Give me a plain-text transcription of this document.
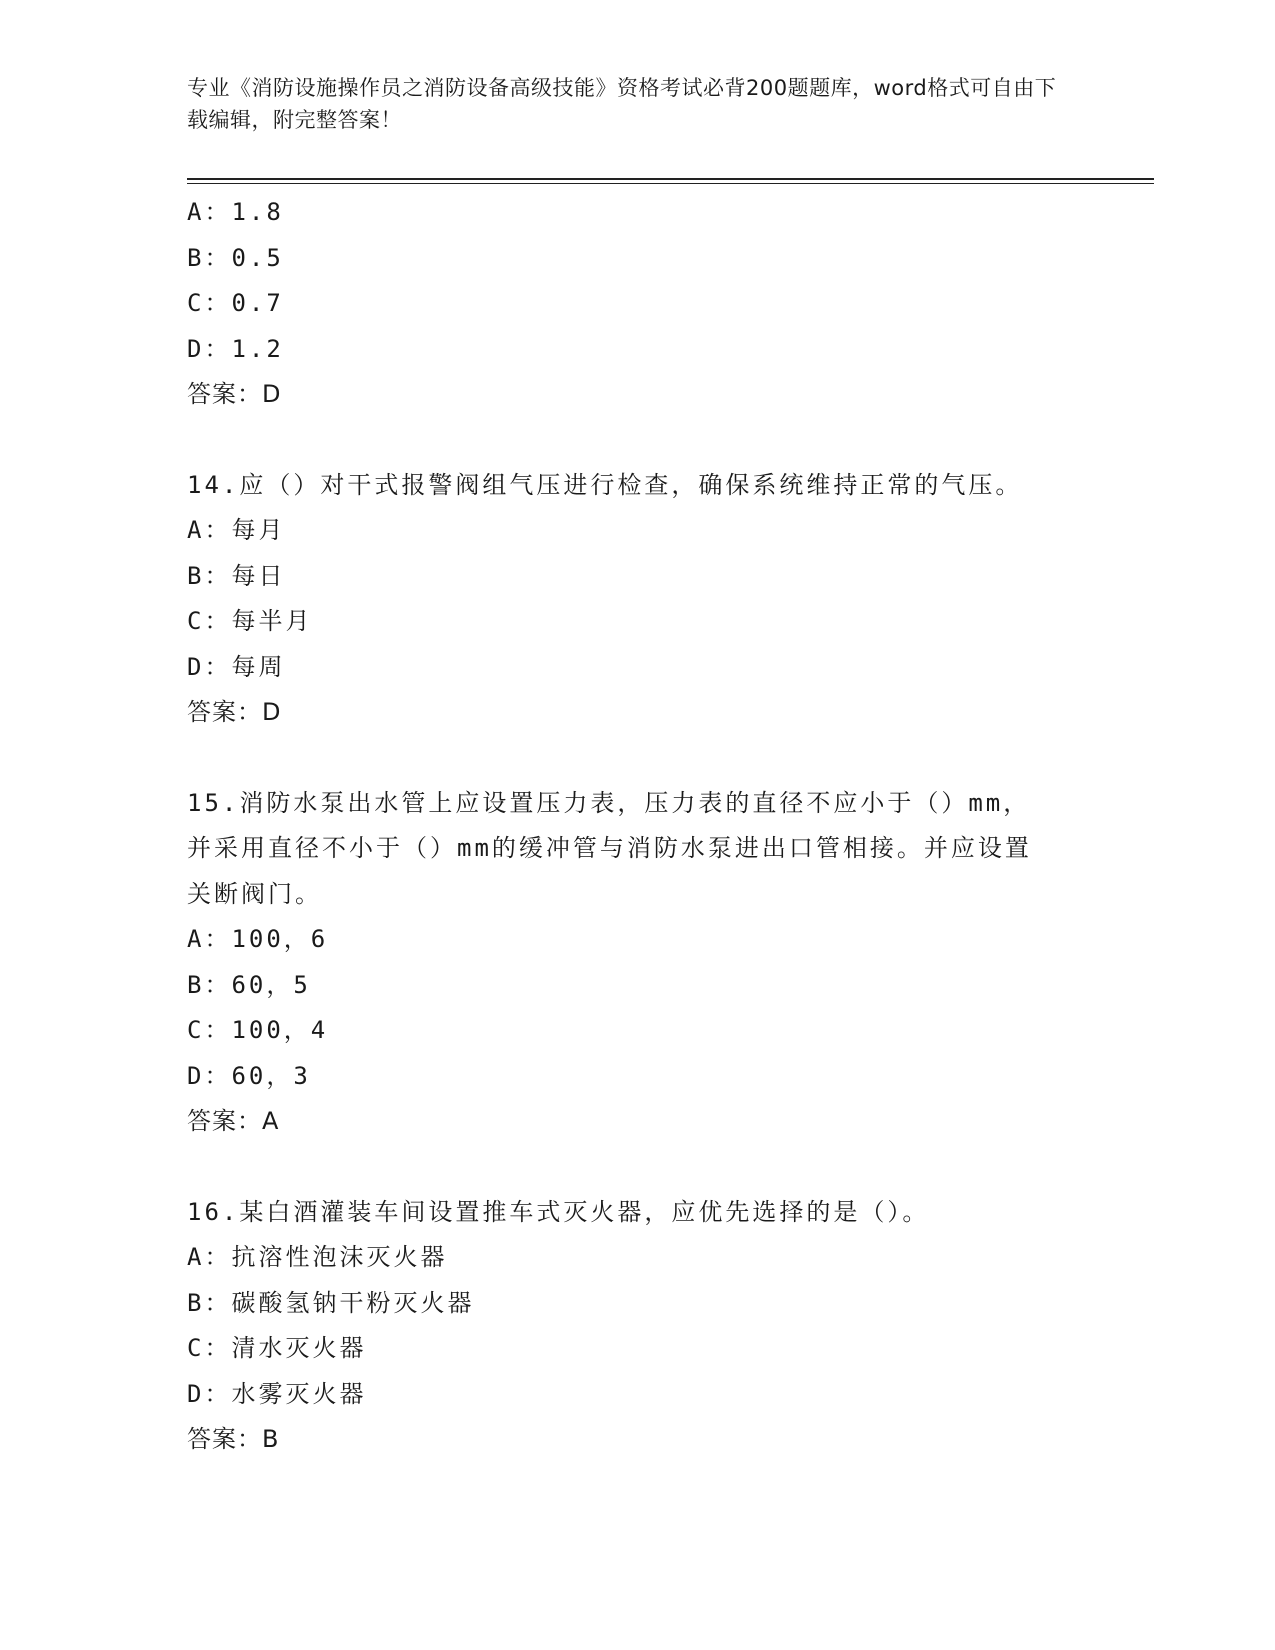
专业《消防设施操作员之消防设备高级技能》资格考试必背200题题库，word格式可自由下载编辑，附完整答案！
A：1.8
B：0.5
C：0.7
D：1.2
答案：D
14.应（）对干式报警阀组气压进行检查，确保系统维持正常的气压。
A：每月
B：每日
C：每半月
D：每周
答案：D
15.消防水泵出水管上应设置压力表，压力表的直径不应小于（）mm，并采用直径不小于（）mm的缓冲管与消防水泵进出口管相接。并应设置关断阀门。
A：100，6
B：60，5
C：100，4
D：60，3
答案：A
16.某白酒灌装车间设置推车式灭火器，应优先选择的是（）。
A：抗溶性泡沫灭火器
B：碳酸氢钠干粉灭火器
C：清水灭火器
D：水雾灭火器
答案：B
